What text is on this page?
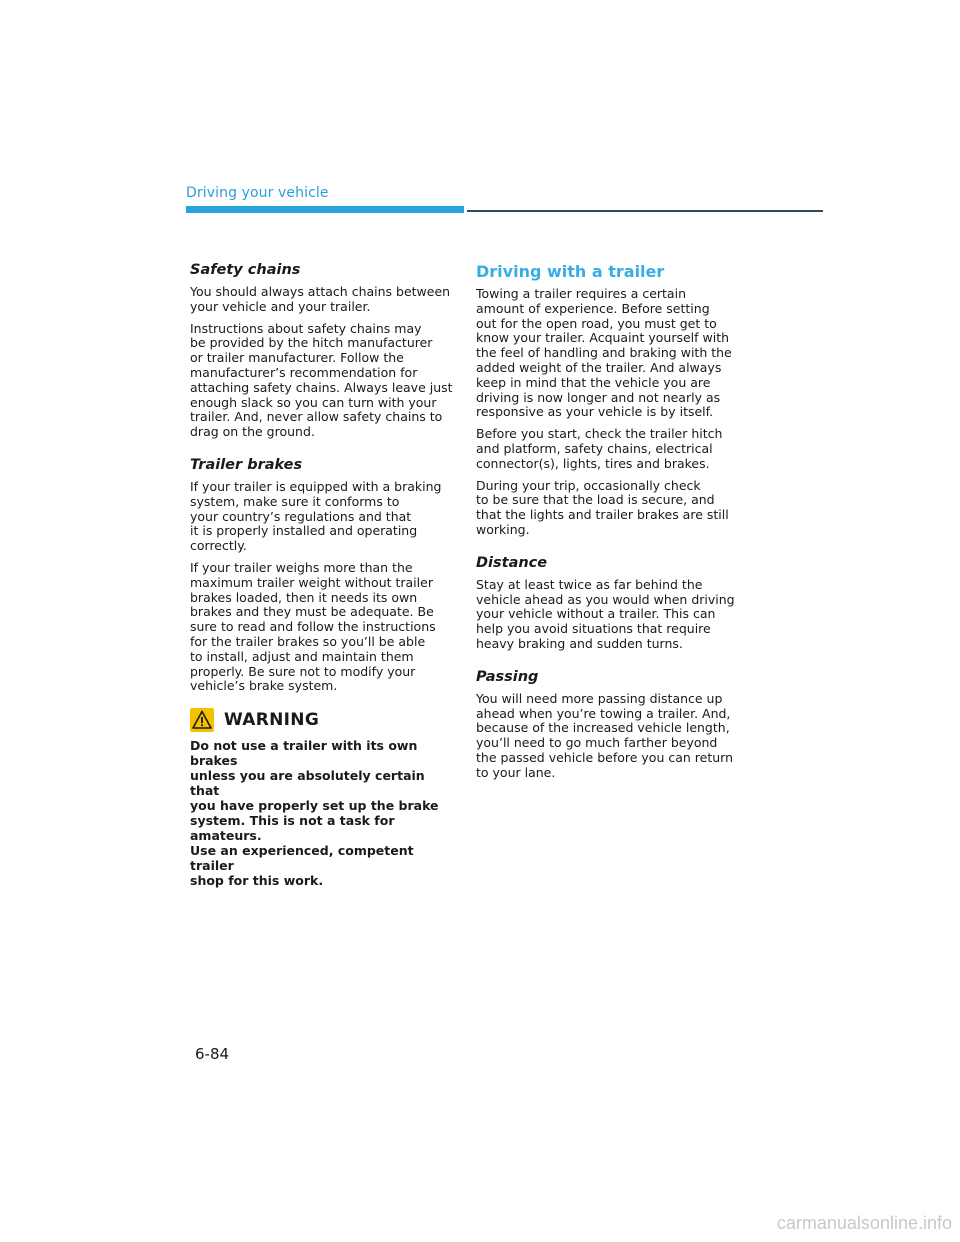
Driving your vehicle
Safety chains

You should always attach chains between
your vehicle and your trailer.

Instructions about safety chains may
be provided by the hitch manufacturer
or trailer manufacturer. Follow the
manufacturer’s recommendation for
attaching safety chains. Always leave just
enough slack so you can turn with your
trailer. And, never allow safety chains to
drag on the ground.

Trailer brakes

If your trailer is equipped with a braking
system, make sure it conforms to
your country’s regulations and that
it is properly installed and operating
correctly.

If your trailer weighs more than the
maximum trailer weight without trailer
brakes loaded, then it needs its own
brakes and they must be adequate. Be
sure to read and follow the instructions
for the trailer brakes so you’ll be able
to install, adjust and maintain them
properly. Be sure not to modify your
vehicle’s brake system.

WARNING

Do not use a trailer with its own brakes
unless you are absolutely certain that
you have properly set up the brake
system. This is not a task for amateurs.
Use an experienced, competent trailer
shop for this work.

Driving with a trailer

Towing a trailer requires a certain
amount of experience. Before setting
out for the open road, you must get to
know your trailer. Acquaint yourself with
the feel of handling and braking with the
added weight of the trailer. And always
keep in mind that the vehicle you are
driving is now longer and not nearly as
responsive as your vehicle is by itself.

Before you start, check the trailer hitch
and platform, safety chains, electrical
connector(s), lights, tires and brakes.

During your trip, occasionally check
to be sure that the load is secure, and
that the lights and trailer brakes are still
working.

Distance

Stay at least twice as far behind the
vehicle ahead as you would when driving
your vehicle without a trailer. This can
help you avoid situations that require
heavy braking and sudden turns.

Passing

You will need more passing distance up
ahead when you’re towing a trailer. And,
because of the increased vehicle length,
you’ll need to go much farther beyond
the passed vehicle before you can return
to your lane.

6-84
carmanualsonline.info
